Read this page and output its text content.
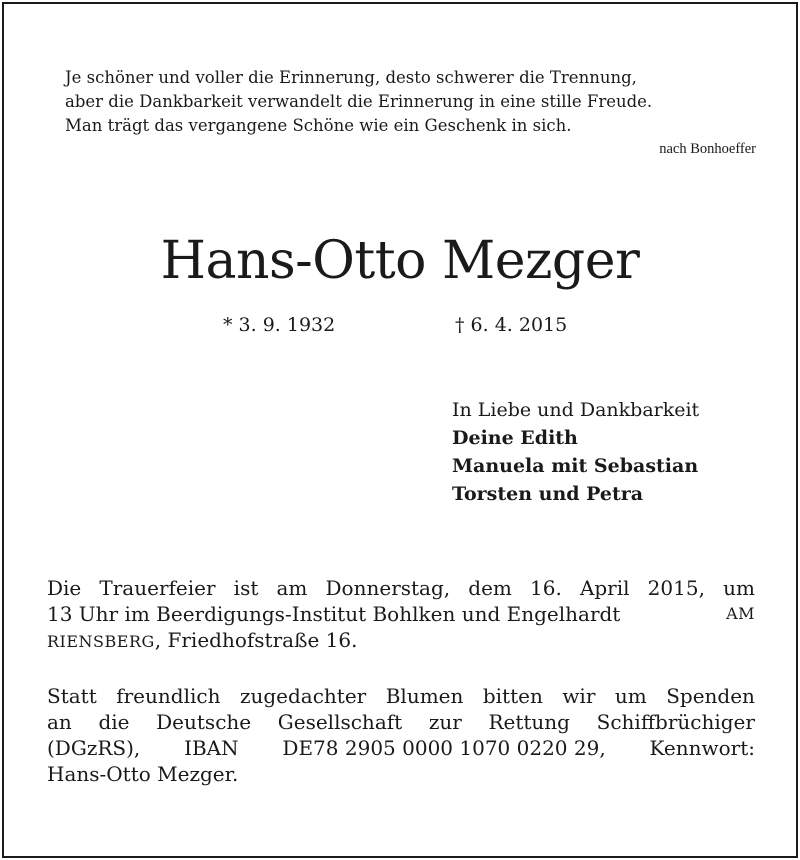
Je schöner und voller die Erinnerung, desto schwerer die Trennung,
aber die Dankbarkeit verwandelt die Erinnerung in eine stille Freude.
Man trägt das vergangene Schöne wie ein Geschenk in sich.
nach Bonhoeffer
Hans-Otto Mezger
* 3. 9. 1932	† 6. 4. 2015
In Liebe und Dankbarkeit
Deine Edith
Manuela mit Sebastian
Torsten und Petra
Die Trauerfeier ist am Donnerstag, dem 16. April 2015, um
13 Uhr im Beerdigungs-Institut Bohlken und Engelhardt	AM
RIENSBERG, Friedhofstraße 16.
Statt freundlich zugedachter Blumen bitten wir um Spenden
an die Deutsche Gesellschaft zur Rettung Schiffbrüchiger
(DGzRS), IBAN DE78 2905 0000 1070 0220 29, Kennwort:
Hans-Otto Mezger.
